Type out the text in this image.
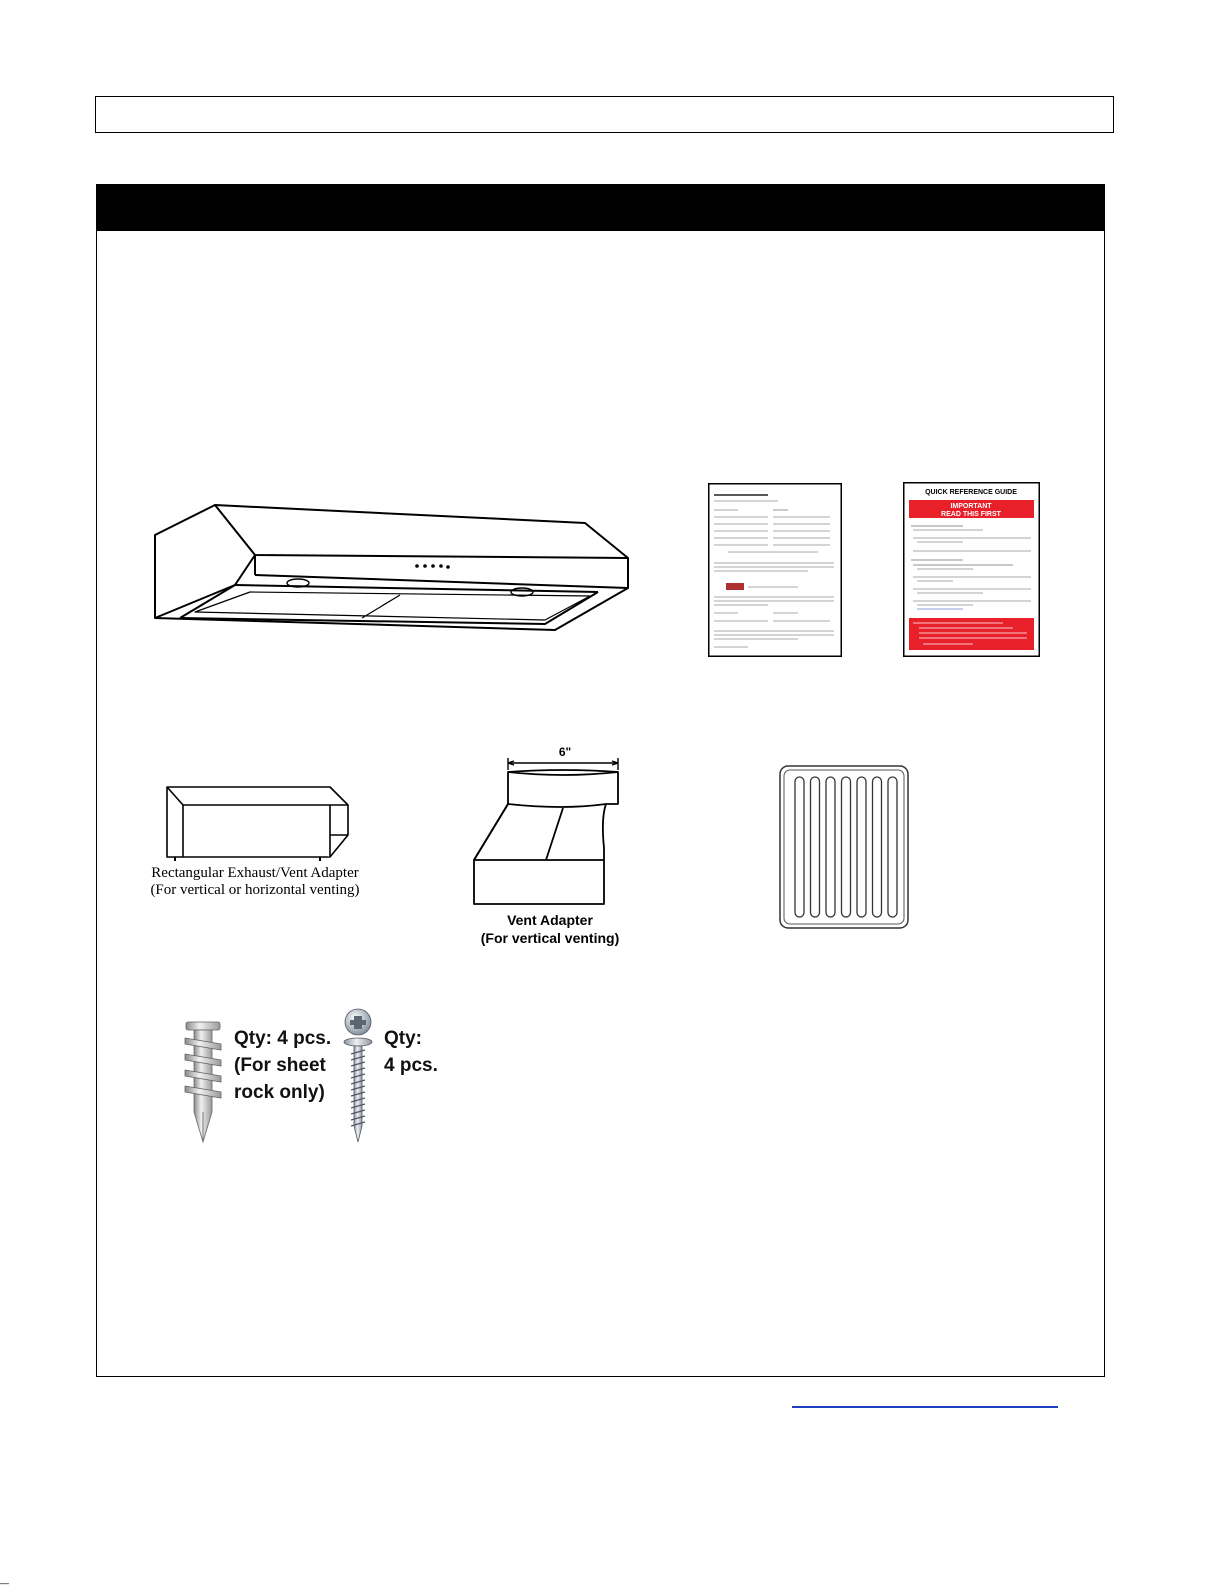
QUICK REFERENCE GUIDE
IMPORTANT
READ THIS FIRST
Rectangular Exhaust/Vent Adapter
(For vertical or horizontal venting)
6"
Vent Adapter
(For vertical venting)
Qty: 4 pcs.
(For sheet
rock only)
Qty:
4 pcs.
—
